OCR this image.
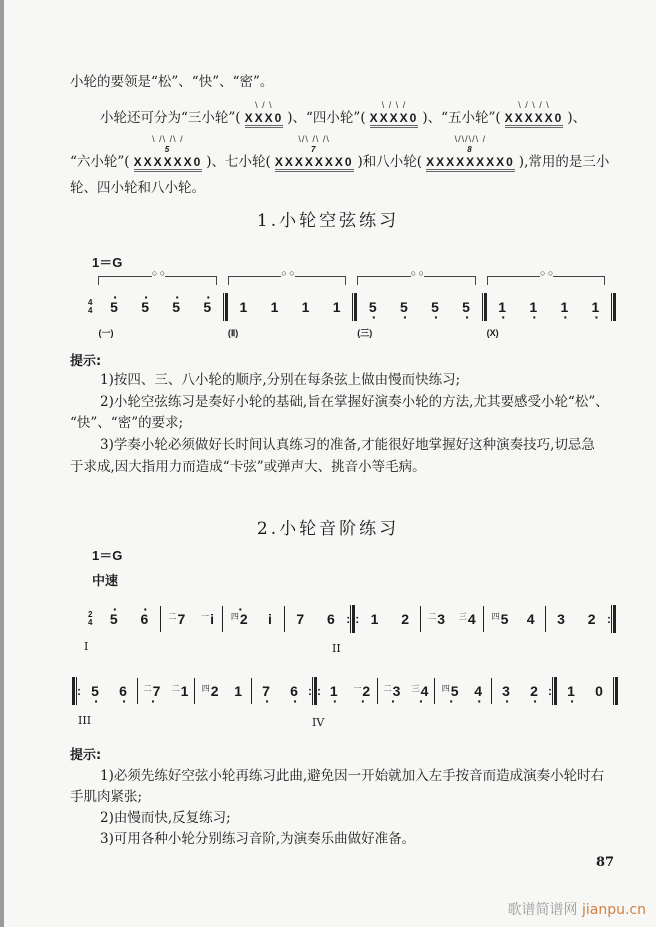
小轮的要领是“松”、“快”、“密”。
小轮还可分为“三小轮”(
\ / \
XXX0 )、“四小轮”(
\ / \ /
XXXX0 )、“五小轮”(
\ / \ / \
XXXXX0 )、
“六小轮”(
\ /\ /\ /
5
XXXXXX0 )、七小轮(
\/\ /\ /\
7
XXXXXXX0 )和八小轮(
\/\/\/\ /
8
XXXXXXXX0 ),常用的是三小
轮、四小轮和八小轮。
1.小轮空弦练习
1＝G
4
4
○ ○ · 5 · 5 · 5 · 5
(一)
○ ○
1 1 1 1
(Ⅱ)
○ ○
5 · 5 · 5 · 5 ·
(三)
○ ○
1 · 1 · 1 · 1 ·
(X)
提示:
1)按四、三、八小轮的顺序,分别在每条弦上做由慢而快练习;
2)小轮空弦练习是奏好小轮的基础,旨在掌握好演奏小轮的方法,尤其要感受小轮“松”、
“快”、“密”的要求;
3)学奏小轮必须做好长时间认真练习的准备,才能很好地掌握好这种演奏技巧,切忌急
于求成,因大指用力而造成“卡弦”或弹声大、挑音小等毛病。
2.小轮音阶练习
1＝G
中速
2
4 · 5 · 6	$^二$7 $^一$i · $^四$2 i 7 6 : : 1 2 $^二$3 $^三$4 $^四$5 4 3 2 :
I	II
: 5 · 6 · $^二$7 · $^二$1 $^四$2 1 7 · 6 · : : 1 · $^一$2 · $^二$3 · $^三$4 · $^四$5 · 4 · 3 · 2 · : 1 · 0
III	IV
提示:
1)必须先练好空弦小轮再练习此曲,避免因一开始就加入左手按音而造成演奏小轮时右
手肌肉紧张;
2)由慢而快,反复练习;
3)可用各种小轮分别练习音阶,为演奏乐曲做好准备。
87
歌谱简谱网 jianpu.cn
